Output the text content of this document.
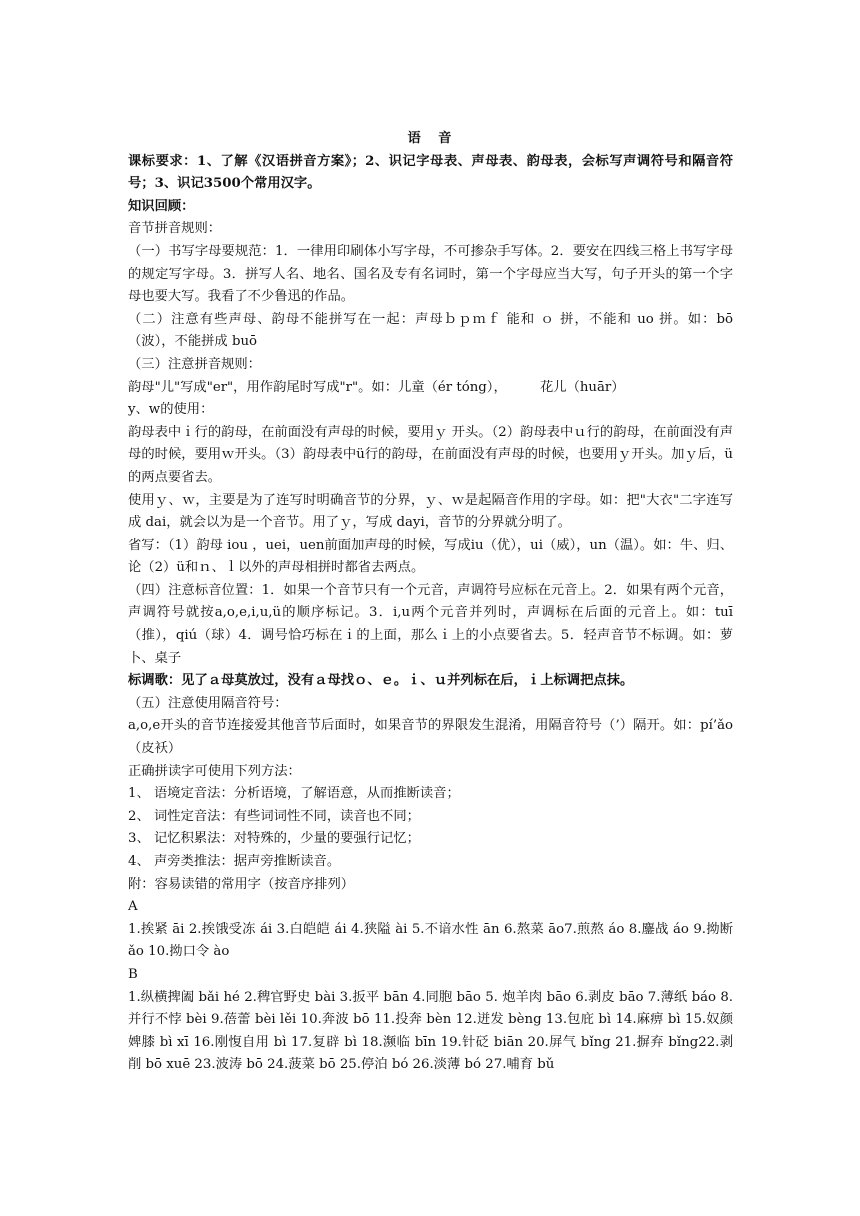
语　音

课标要求：1、了解《汉语拼音方案》；2、识记字母表、声母表、韵母表，会标写声调符号和隔音符号；3、识记3500个常用汉字。

知识回顾：

音节拼音规则：

（一）书写字母要规范：1．一律用印刷体小写字母，不可掺杂手写体。2．要安在四线三格上书写字母的规定写字母。3．拼写人名、地名、国名及专有名词时，第一个字母应当大写，句子开头的第一个字母也要大写。我看了不少鲁迅的作品。

（二）注意有些声母、韵母不能拼写在一起：声母ｂｐｍｆ 能和 ｏ 拼，不能和 uo 拼。如：bō （波），不能拼成 buō

（三）注意拼音规则：

韵母"儿"写成"er"，用作韵尾时写成"r"。如：儿童（ér tóng），　　　花儿（huār）

y、w的使用：

韵母表中ｉ行的韵母，在前面没有声母的时候，要用ｙ 开头。（2）韵母表中ｕ行的韵母，在前面没有声母的时候，要用ｗ开头。（3）韵母表中ü行的韵母，在前面没有声母的时候，也要用ｙ开头。加ｙ后，ü的两点要省去。

使用ｙ、ｗ，主要是为了连写时明确音节的分界，ｙ、ｗ是起隔音作用的字母。如：把"大衣"二字连写成 dai，就会以为是一个音节。用了ｙ，写成 dayi，音节的分界就分明了。

省写：（1）韵母 iou ，uei，uen前面加声母的时候，写成iu（优），ui（威），un（温）。如：牛、归、论（2）ü和ｎ、ｌ以外的声母相拼时都省去两点。

（四）注意标音位置：1．如果一个音节只有一个元音，声调符号应标在元音上。2．如果有两个元音，声调符号就按a,o,e,i,u,ü的顺序标记。3．i,u两个元音并列时，声调标在后面的元音上。如：tuī（推），qiú（球）4．调号恰巧标在ｉ的上面，那么ｉ上的小点要省去。5．轻声音节不标调。如：萝卜、桌子

标调歌：见了ａ母莫放过，没有ａ母找ｏ、ｅ。ｉ、ｕ并列标在后，ｉ上标调把点抹。

（五）注意使用隔音符号：

a,o,e开头的音节连接爱其他音节后面时，如果音节的界限发生混淆，用隔音符号（’）隔开。如：pí’ǎo（皮袄）

正确拼读字可使用下列方法：

1、 语境定音法：分析语境，了解语意，从而推断读音；

2、 词性定音法：有些词词性不同，读音也不同；

3、 记忆积累法：对特殊的，少量的要强行记忆；

4、 声旁类推法：据声旁推断读音。

附：容易读错的常用字（按音序排列）

A

1.挨紧 āi 2.挨饿受冻 ái 3.白皑皑 ái 4.狭隘 ài 5.不谙水性 ān 6.熬菜 āo7.煎熬 áo 8.鏖战 áo 9.拗断 ǎo 10.拗口令 ào

B

1.纵横捭阖 bǎi hé 2.稗官野史 bài 3.扳平 bān 4.同胞 bāo 5. 炮羊肉 bāo 6.剥皮 bāo 7.薄纸 báo 8.并行不悖 bèi 9.蓓蕾 bèi lěi 10.奔波 bō 11.投奔 bèn 12.迸发 bèng 13.包庇 bì 14.麻痹 bì 15.奴颜婢膝 bì xī 16.刚愎自用 bì 17.复辟 bì 18.濒临 bīn 19.针砭 biān 20.屏气 bǐng 21.摒弃 bǐng22.剥削 bō xuē 23.波涛 bō 24.菠菜 bō 25.停泊 bó 26.淡薄 bó 27.哺育 bǔ
